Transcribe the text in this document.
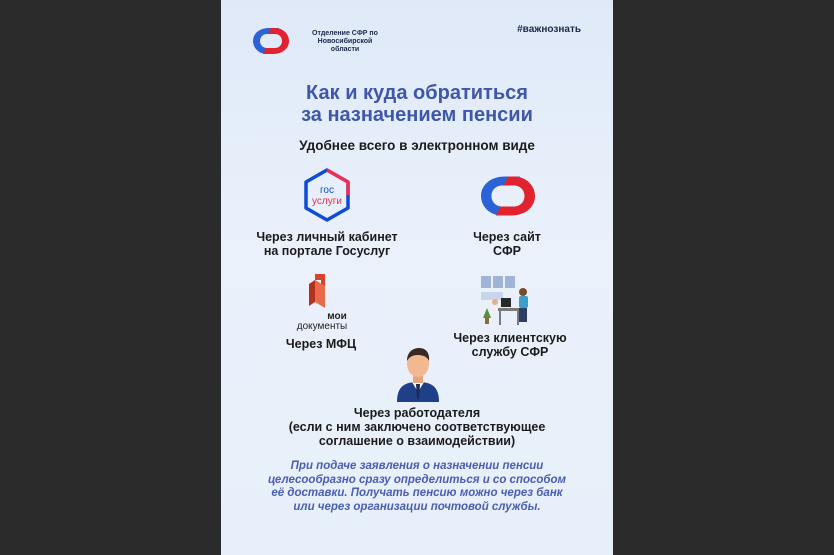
Отделение СФР по Новосибирской области
#важнознать
Как и куда обратиться
за назначением пенсии
Удобнее всего в электронном виде
гос
услуги
Через личный кабинет
на портале Госуслуг
Через сайт
СФР
мои
документы
Через МФЦ	Через клиентскую
службу СФР
Через работодателя
(если с ним заключено соответствующее
соглашение о взаимодействии)
При подаче заявления о назначении пенсии
целесообразно сразу определиться и со способом
её доставки. Получать пенсию можно через банк
или через организации почтовой службы.
